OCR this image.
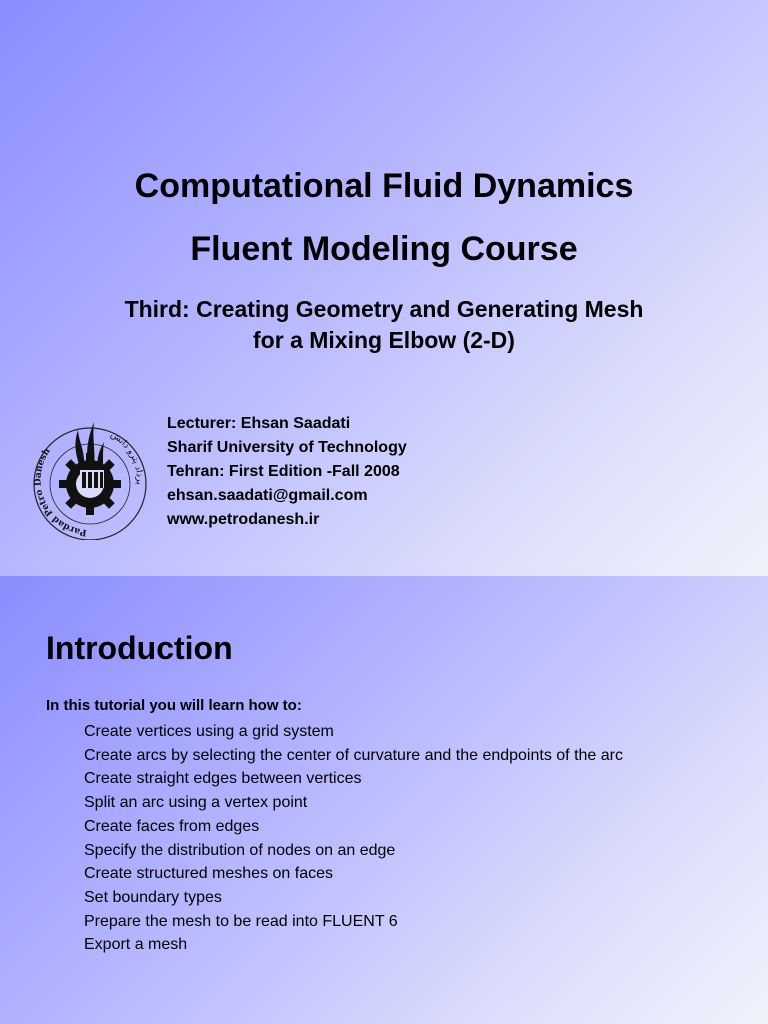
Computational Fluid Dynamics
Fluent Modeling Course
Third: Creating Geometry and Generating Mesh
for a Mixing Elbow (2-D)
Pardad Petro Danesh
پرداد پترو دانش
Lecturer: Ehsan Saadati
Sharif University of Technology
Tehran: First Edition -Fall 2008
ehsan.saadati@gmail.com
www.petrodanesh.ir
Introduction
In this tutorial you will learn how to:
Create vertices using a grid system
Create arcs by selecting the center of curvature and the endpoints of the arc
Create straight edges between vertices
Split an arc using a vertex point
Create faces from edges
Specify the distribution of nodes on an edge
Create structured meshes on faces
Set boundary types
Prepare the mesh to be read into FLUENT 6
Export a mesh
